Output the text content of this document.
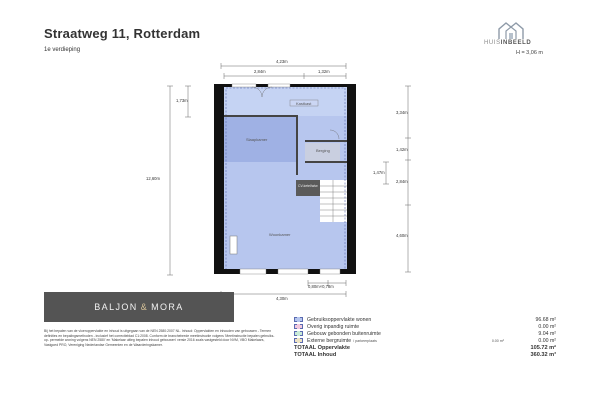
Straatweg 11, Rotterdam
1e verdieping
HUISINBEELD
H = 3,06 m
Kastkast
Slaapkamer
Berging
CV-ketel/wtw
Woonkamer
4,23m
2,84m	1,32m
1,73m
12,60m
3,34m
1,42m
1,47m
2,84m
4,60m
0,80m×0,78m
4,30m
BALJON & MORA
Bij het bepalen van de vloeroppervlakte en inhoud is uitgegaan van de NEN 2580:2007 NL. Inhoud: Oppervlakten en inhouden van gebouwen - Termen definities en bepalingsmethoden - inclusief het correctieblad C1:2008. Conform de branchebrede meetinstructie volgens 'Meetinstructie bepalen gebruiks- op- permelde woning volgens NEN 2580' en 'Makelaar uitleg bepalen inhoud gebouwen' versie 2016 zoals vastgesteld door NVM, VBO Makelaars, Vastgoed PRO, Vereniging Nederlandse Gemeenten en de Waarderingskamer.
Gebruiksoppervlakte wonen	96.68 m²
Overig inpandig ruimte	0.00 m²
Gebouw gebonden buitenruimte	9.04 m²
Externe bergruimte / parkeerplaats	0.00 m²	0.00 m²
TOTAAL Oppervlakte	105.72 m²
TOTAAL Inhoud	360.32 m³
